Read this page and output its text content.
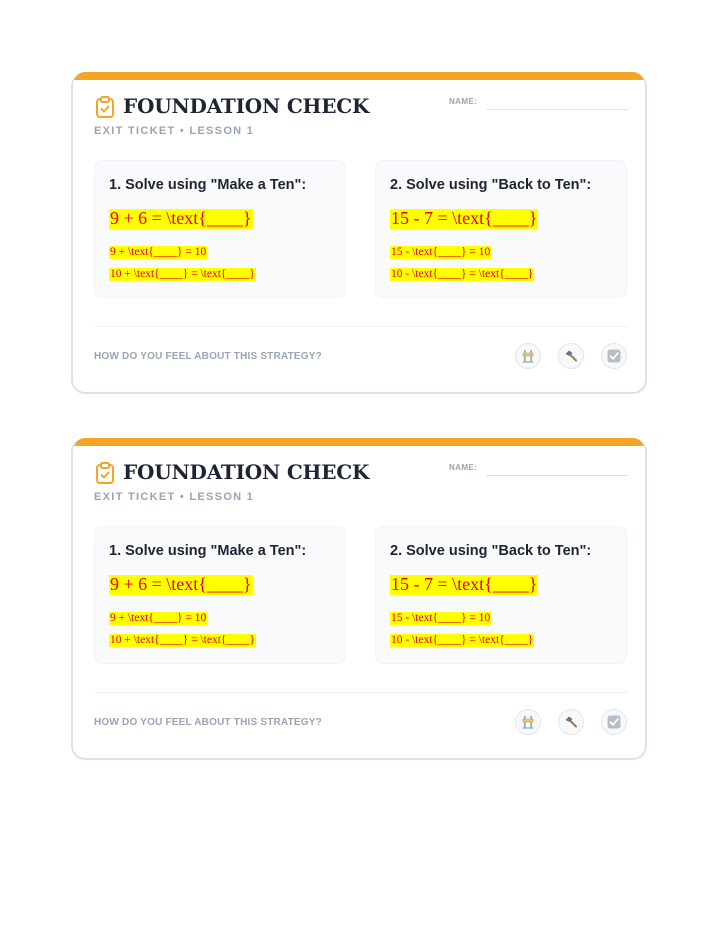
FOUNDATION CHECK
EXIT TICKET • LESSON 1
NAME:
1. Solve using "Make a Ten":
9 + 6 = \text{____}
9 + \text{____} = 10
10 + \text{____} = \text{____}
2. Solve using "Back to Ten":
15 - 7 = \text{____}
15 - \text{____} = 10
10 - \text{____} = \text{____}
HOW DO YOU FEEL ABOUT THIS STRATEGY?
FOUNDATION CHECK
EXIT TICKET • LESSON 1
NAME:
1. Solve using "Make a Ten":
9 + 6 = \text{____}
9 + \text{____} = 10
10 + \text{____} = \text{____}
2. Solve using "Back to Ten":
15 - 7 = \text{____}
15 - \text{____} = 10
10 - \text{____} = \text{____}
HOW DO YOU FEEL ABOUT THIS STRATEGY?
